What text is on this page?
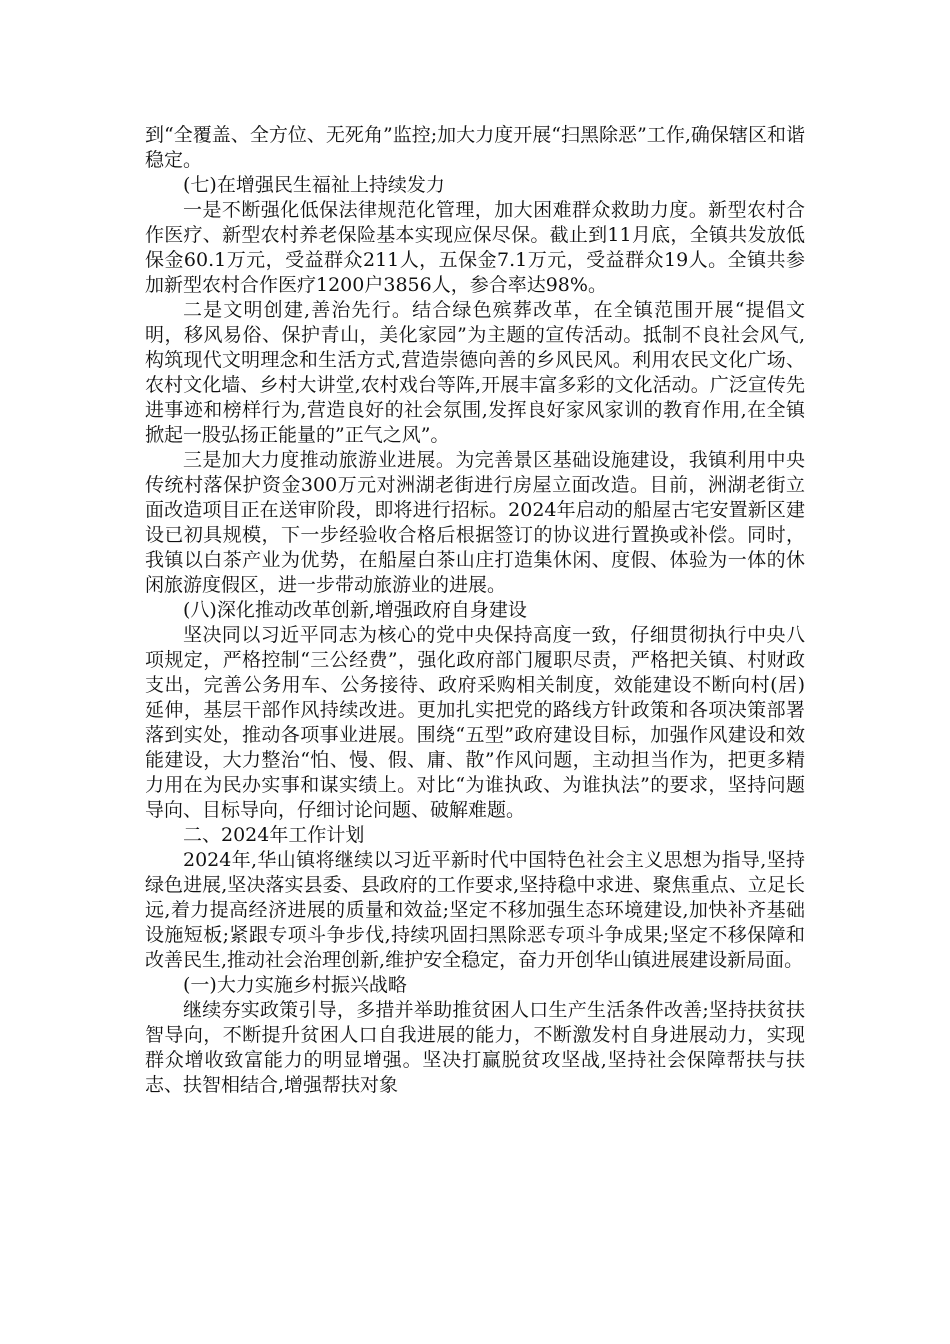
到“全覆盖、全方位、无死角”监控;加大力度开展“扫黑除恶”工作,确保辖区和谐稳定。

(七)在增强民生福祉上持续发力

一是不断强化低保法律规范化管理，加大困难群众救助力度。新型农村合作医疗、新型农村养老保险基本实现应保尽保。截止到11月底，全镇共发放低保金60.1万元，受益群众211人，五保金7.1万元，受益群众19人。全镇共参加新型农村合作医疗1200户3856人，参合率达98%。

二是文明创建,善治先行。结合绿色殡葬改革，在全镇范围开展“提倡文明，移风易俗、保护青山，美化家园”为主题的宣传活动。抵制不良社会风气,构筑现代文明理念和生活方式,营造崇德向善的乡风民风。利用农民文化广场、农村文化墙、乡村大讲堂,农村戏台等阵,开展丰富多彩的文化活动。广泛宣传先进事迹和榜样行为,营造良好的社会氛围,发挥良好家风家训的教育作用,在全镇掀起一股弘扬正能量的”正气之风”。

三是加大力度推动旅游业进展。为完善景区基础设施建设，我镇利用中央传统村落保护资金300万元对洲湖老街进行房屋立面改造。目前，洲湖老街立面改造项目正在送审阶段，即将进行招标。2024年启动的船屋古宅安置新区建设已初具规模，下一步经验收合格后根据签订的协议进行置换或补偿。同时，我镇以白茶产业为优势，在船屋白茶山庄打造集休闲、度假、体验为一体的休闲旅游度假区，进一步带动旅游业的进展。

(八)深化推动改革创新,增强政府自身建设

坚决同以习近平同志为核心的党中央保持高度一致，仔细贯彻执行中央八项规定，严格控制“三公经费”，强化政府部门履职尽责，严格把关镇、村财政支出，完善公务用车、公务接待、政府采购相关制度，效能建设不断向村(居)延伸，基层干部作风持续改进。更加扎实把党的路线方针政策和各项决策部署落到实处，推动各项事业进展。围绕“五型”政府建设目标，加强作风建设和效能建设，大力整治“怕、慢、假、庸、散”作风问题，主动担当作为，把更多精力用在为民办实事和谋实绩上。对比“为谁执政、为谁执法”的要求，坚持问题导向、目标导向，仔细讨论问题、破解难题。

二、2024年工作计划

2024年,华山镇将继续以习近平新时代中国特色社会主义思想为指导,坚持绿色进展,坚决落实县委、县政府的工作要求,坚持稳中求进、聚焦重点、立足长远,着力提高经济进展的质量和效益;坚定不移加强生态环境建设,加快补齐基础设施短板;紧跟专项斗争步伐,持续巩固扫黑除恶专项斗争成果;坚定不移保障和改善民生,推动社会治理创新,维护安全稳定，奋力开创华山镇进展建设新局面。

(一)大力实施乡村振兴战略

继续夯实政策引导，多措并举助推贫困人口生产生活条件改善;坚持扶贫扶智导向，不断提升贫困人口自我进展的能力，不断激发村自身进展动力，实现群众增收致富能力的明显增强。坚决打赢脱贫攻坚战,坚持社会保障帮扶与扶志、扶智相结合,增强帮扶对象
